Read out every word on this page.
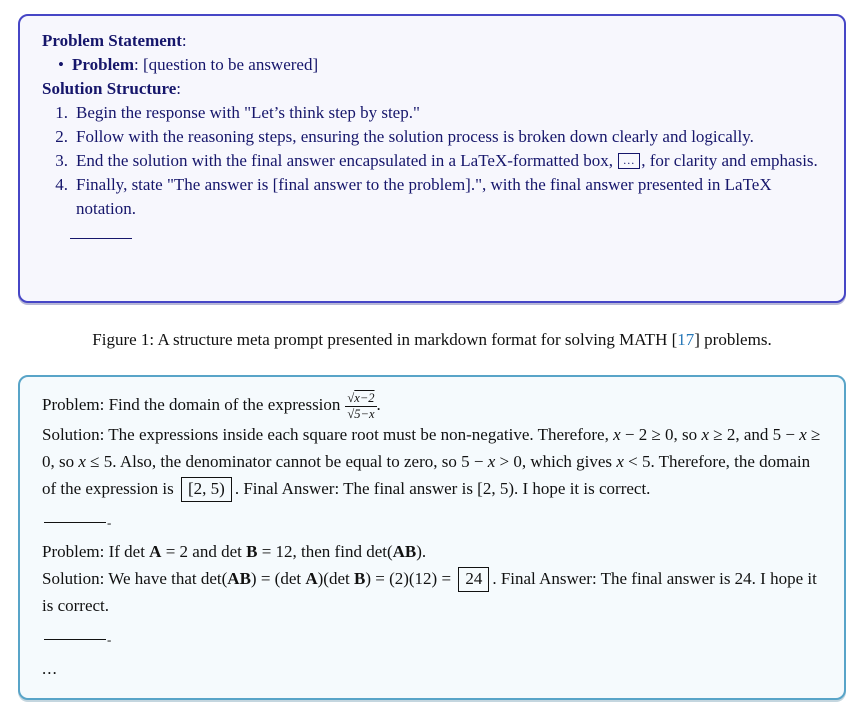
Problem Statement:
• Problem: [question to be answered]
Solution Structure:
1. Begin the response with "Let’s think step by step."
2. Follow with the reasoning steps, ensuring the solution process is broken down clearly and logically.
3. End the solution with the final answer encapsulated in a LaTeX-formatted box, ... , for clarity and emphasis.
4. Finally, state "The answer is [final answer to the problem].", with the final answer presented in LaTeX notation.
Figure 1: A structure meta prompt presented in markdown format for solving MATH [17] problems.
Problem: Find the domain of the expression $\frac{√x-2}{√5-x}$ .
Solution: The expressions inside each square root must be non-negative. Therefore, x − 2 ≥ 0, so x ≥ 2, and 5 − x ≥ 0, so x ≤ 5. Also, the denominator cannot be equal to zero, so 5 − x > 0, which gives x < 5. Therefore, the domain of the expression is [2, 5) . Final Answer: The final answer is [2, 5). I hope it is correct.
-
Problem: If det A = 2 and det B = 12, then find det(AB).
Solution: We have that det(AB) = (det A)(det B) = (2)(12) = 24 . Final Answer: The final answer is 24. I hope it is correct.
-
...
